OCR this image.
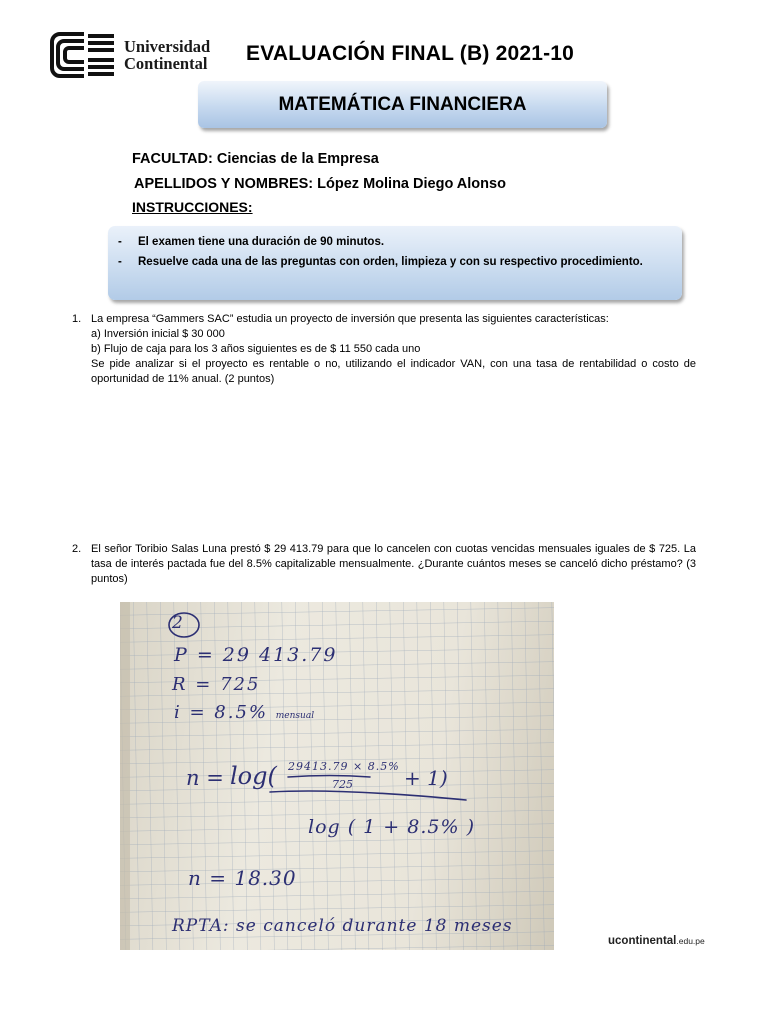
Universidad
Continental EVALUACIÓN FINAL (B) 2021-10
MATEMÁTICA FINANCIERA
FACULTAD: Ciencias de la Empresa
APELLIDOS Y NOMBRES: López Molina Diego Alonso
INSTRUCCIONES:
- El examen tiene una duración de 90 minutos.
- Resuelve cada una de las preguntas con orden, limpieza y con su respectivo procedimiento.
1. La empresa “Gammers SAC” estudia un proyecto de inversión que presenta las siguientes características:
a) Inversión inicial $ 30 000
b) Flujo de caja para los 3 años siguientes es de $ 11 550 cada uno
Se pide analizar si el proyecto es rentable o no, utilizando el indicador VAN, con una tasa de rentabilidad o costo de oportunidad de 11% anual. (2 puntos)
2. El señor Toribio Salas Luna prestó $ 29 413.79 para que lo cancelen con cuotas vencidas mensuales iguales de $ 725. La tasa de interés pactada fue del 8.5% capitalizable mensualmente. ¿Durante cuántos meses se canceló dicho préstamo? (3 puntos)
2
P = 29 413.79
R = 725
i = 8.5% mensual
n = log( 29413.79 × 8.5%
725	+ 1)
log ( 1 + 8.5% )
n = 18.30
RPTA: se canceló durante 18 meses
ucontinental.edu.pe
